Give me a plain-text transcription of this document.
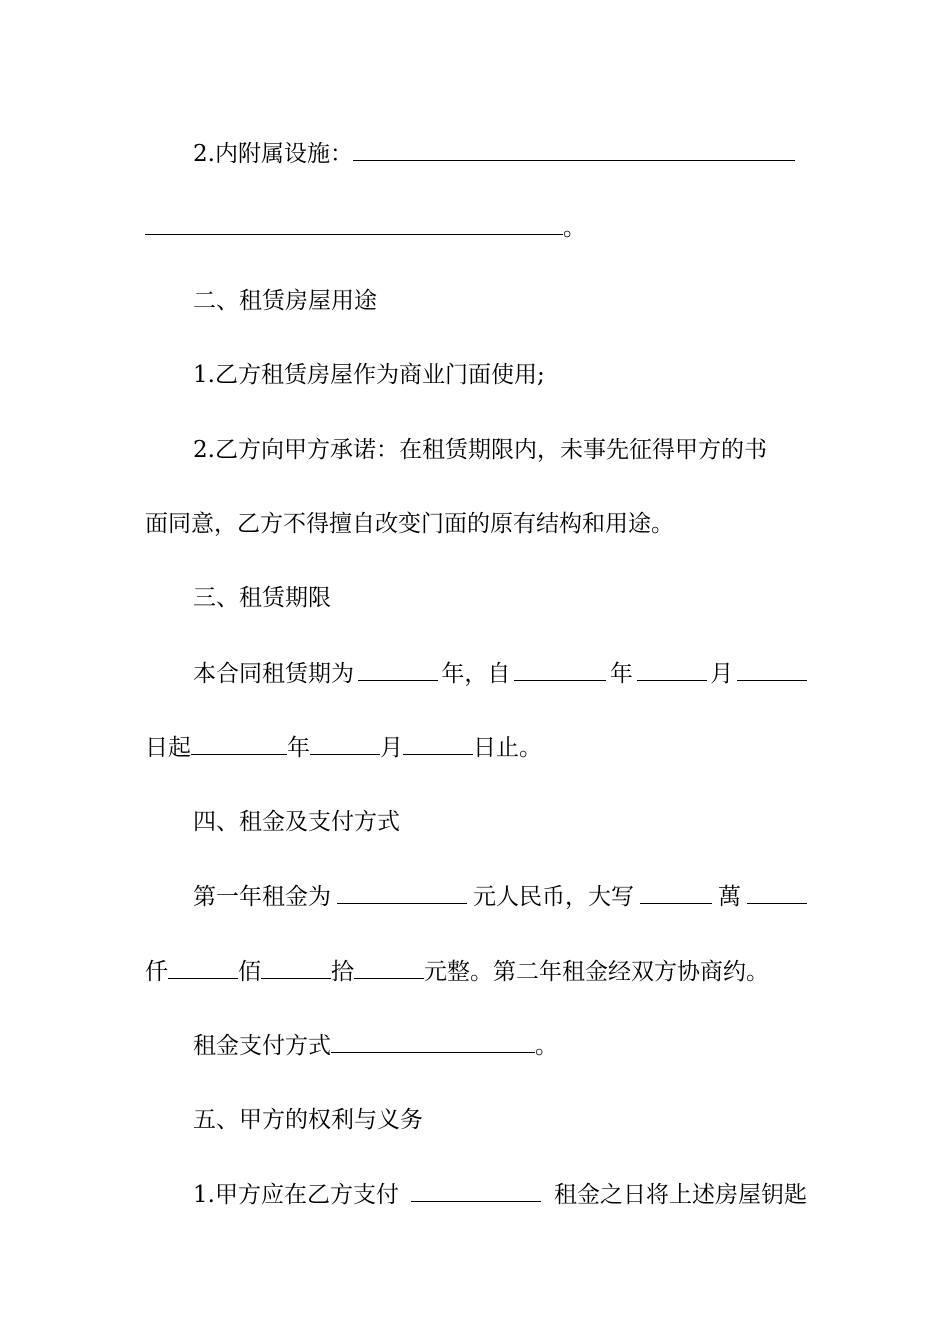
2.内附属设施：
。
二、租赁房屋用途
1.乙方租赁房屋作为商业门面使用;
2.乙方向甲方承诺：在租赁期限内，未事先征得甲方的书
面同意，乙方不得擅自改变门面的原有结构和用途。
三、租赁期限
本合同租赁期为	年，自	年	月
日起	年	月	日止。
四、租金及支付方式
第一年租金为	元人民币，大写	萬
仟	佰	拾	元整。第二年租金经双方协商约。
租金支付方式	。
五、甲方的权利与义务
1.甲方应在乙方支付	租金之日将上述房屋钥匙
